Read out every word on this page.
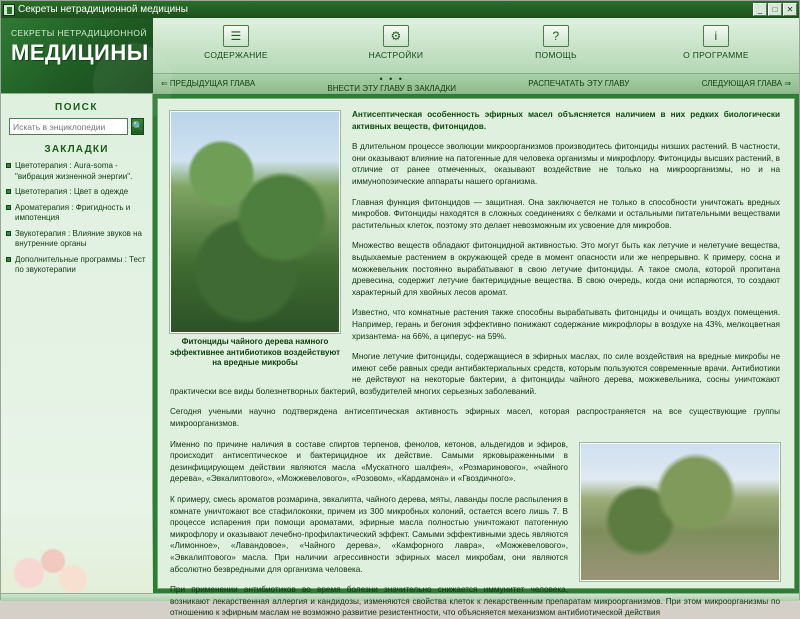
Секреты нетрадиционной медицины	_	□	✕
СЕКРЕТЫ НЕТРАДИЦИОННОЙ
МЕДИЦИНЫ
☰
СОДЕРЖАНИЕ
⚙
НАСТРОЙКИ
?
ПОМОЩЬ
i
О ПРОГРАММЕ
⇐ ПРЕДЫДУЩАЯ ГЛАВА	• • •
ВНЕСТИ ЭТУ ГЛАВУ В ЗАКЛАДКИ
РАСПЕЧАТАТЬ ЭТУ ГЛАВУ	СЛЕДУЮЩАЯ ГЛАВА ⇒
ПОИСК
Искать в энциклопедии
🔍
ЗАКЛАДКИ
Цветотерапия : Aura-soma - "вибрация жизненной энергии".
Цветотерапия : Цвет в одежде
Ароматерапия : Фригидность и импотенция
Звукотерапия : Влияние звуков на внутренние органы
Дополнительные программы : Тест по звукотерапии
Фитонциды чайного дерева намного эффективнее антибиотиков воздействуют на вредные микробы

Антисептическая особенность эфирных масел объясняется наличием в них редких биологически активных веществ, фитонцидов.

В длительном процессе эволюции микроорганизмов производитесь фитонциды низших растений. В частности, они оказывают влияние на патогенные для человека организмы и микрофлору. Фитонциды высших растений, в отличие от ранее отмеченных, оказывают воздействие не только на микроорганизмы, но и на иммунопоэические аппараты нашего организма.

Главная функция фитонцидов — защитная. Она заключается не только в способности уничтожать вредных микробов. Фитонциды находятся в сложных соединениях с белками и остальными питательными веществами растительных клеток, поэтому это делает невозможным их усвоение для микробов.

Множество веществ обладают фитонцидной активностью. Это могут быть как летучие и нелетучие вещества, выдыхаемые растением в окружающей среде в момент опасности или же непрерывно. К примеру, сосна и можжевельник постоянно вырабатывают в свою летучие фитонциды. А такое смола, которой пропитана древесина, содержит летучие бактерицидные вещества. В свою очередь, когда они испаряются, то создают характерный для хвойных лесов аромат.

Известно, что комнатные растения также способны вырабатывать фитонциды и очищать воздух помещения. Например, герань и бегония эффективно понижают содержание микрофлоры в воздухе на 43%, мелкоцветная хризантема- на 66%, а циперус- на 59%.

Многие летучие фитонциды, содержащиеся в эфирных маслах, по силе воздействия на вредные микробы не имеют себе равных среди антибактериальных средств, которым пользуются современные врачи. Антибиотики не действуют на некоторые бактерии, а фитонциды чайного дерева, можжевельника, сосны уничтожают практически все виды болезнетворных бактерий, возбудителей многих серьезных заболеваний.

Сегодня учеными научно подтверждена антисептическая активность эфирных масел, которая распространяется на все существующие группы микроорганизмов.

Именно по причине наличия в составе спиртов терпенов, фенолов, кетонов, альдегидов и эфиров, происходит антисептическое и бактерицидное их действие. Самыми ярковыраженными в дезинфицирующем действии являются масла «Мускатного шалфея», «Розмаринового», «чайного дерева», «Эвкалиптового», «Можжевелового», «Розовом», «Кардамона» и «Гвоздичного».

К примеру, смесь ароматов розмарина, эвкалипта, чайного дерева, мяты, лаванды после распыления в комнате уничтожают все стафилококки, причем из 300 микробных колоний, остается всего лишь 7. В процессе испарения при помощи ароматами, эфирные масла полностью уничтожают патогенную микрофлору и оказывают лечебно-профилактический эффект. Самыми эффективными здесь являются «Лимонное», «Лавандовое», «Чайного дерева», «Камфорного лавра», «Можжевелового», «Эвкалиптового» масла. При наличии агрессивности эфирных масел микробам, они являются абсолютно безвредными для организма человека.

При применении антибиотиков во время болезни значительно снижается иммунитет человека, возникают лекарственная аллергия и кандидозы, изменяются свойства клеток к лекарственным препаратам микроорганизмов. При этом микроорганизмы по отношению к эфирным маслам не возможно развитие резистентности, что объясняется механизмом антибиотической действия
